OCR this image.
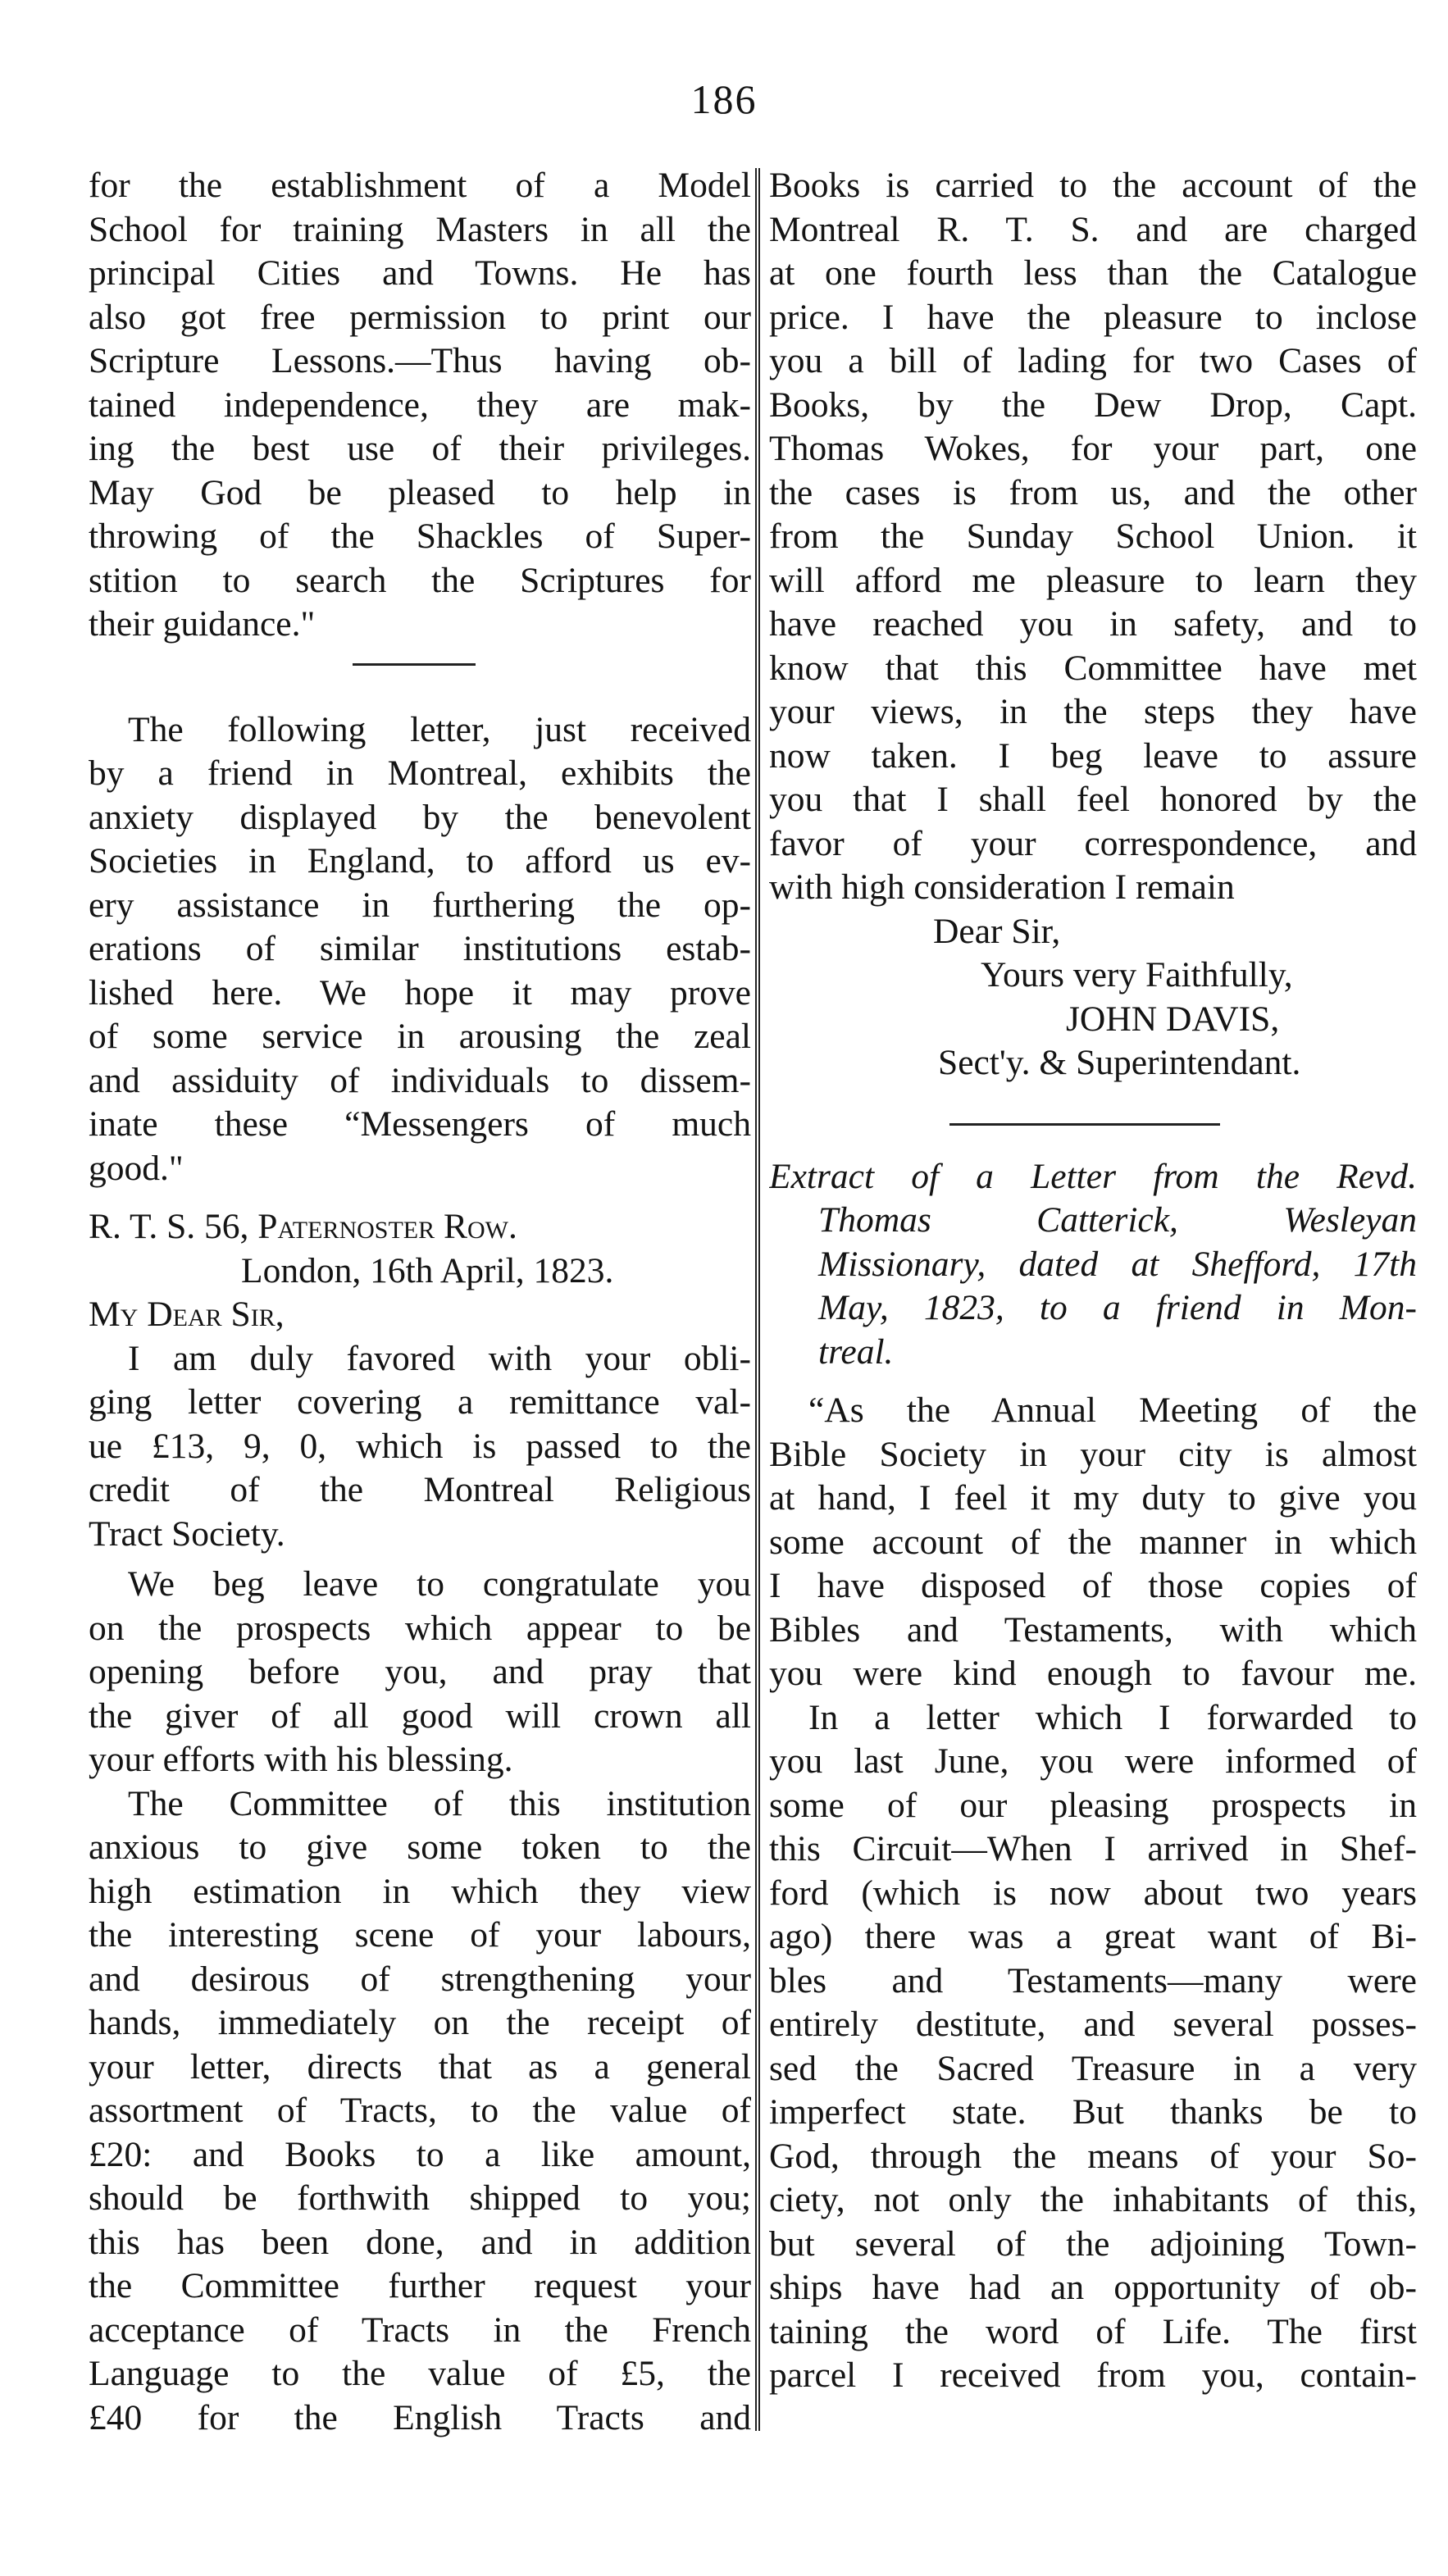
186
for the establishment of a Model
School for training Masters in all the
principal Cities and Towns. He has
also got free permission to print our
Scripture Lessons.—Thus having ob-
tained independence, they are mak-
ing the best use of their privileges.
May God be pleased to help in
throwing of the Shackles of Super-
stition to search the Scriptures for
their guidance."
The following letter, just received
by a friend in Montreal, exhibits the
anxiety displayed by the benevolent
Societies in England, to afford us ev-
ery assistance in furthering the op-
erations of similar institutions estab-
lished here. We hope it may prove
of some service in arousing the zeal
and assiduity of individuals to dissem-
inate these “Messengers of much
good."
R. T. S. 56, Paternoster Row.
London, 16th April, 1823.
My Dear Sir,
I am duly favored with your obli-
ging letter covering a remittance val-
ue £13, 9, 0, which is passed to the
credit of the Montreal Religious
Tract Society.
We beg leave to congratulate you
on the prospects which appear to be
opening before you, and pray that
the giver of all good will crown all
your efforts with his blessing.
The Committee of this institution
anxious to give some token to the
high estimation in which they view
the interesting scene of your labours,
and desirous of strengthening your
hands, immediately on the receipt of
your letter, directs that as a general
assortment of Tracts, to the value of
£20: and Books to a like amount,
should be forthwith shipped to you;
this has been done, and in addition
the Committee further request your
acceptance of Tracts in the French
Language to the value of £5, the
£40 for the English Tracts and
Books is carried to the account of the
Montreal R. T. S. and are charged
at one fourth less than the Catalogue
price. I have the pleasure to inclose
you a bill of lading for two Cases of
Books, by the Dew Drop, Capt.
Thomas Wokes, for your part, one
the cases is from us, and the other
from the Sunday School Union. it
will afford me pleasure to learn they
have reached you in safety, and to
know that this Committee have met
your views, in the steps they have
now taken. I beg leave to assure
you that I shall feel honored by the
favor of your correspondence, and
with high consideration I remain
Dear Sir,
Yours very Faithfully,
JOHN DAVIS,
Sect'y. & Superintendant.
Extract of a Letter from the Revd.
Thomas Catterick, Wesleyan
Missionary, dated at Shefford, 17th
May, 1823, to a friend in Mon-
treal.
“As the Annual Meeting of the
Bible Society in your city is almost
at hand, I feel it my duty to give you
some account of the manner in which
I have disposed of those copies of
Bibles and Testaments, with which
you were kind enough to favour me.
In a letter which I forwarded to
you last June, you were informed of
some of our pleasing prospects in
this Circuit—When I arrived in Shef-
ford (which is now about two years
ago) there was a great want of Bi-
bles and Testaments—many were
entirely destitute, and several posses-
sed the Sacred Treasure in a very
imperfect state. But thanks be to
God, through the means of your So-
ciety, not only the inhabitants of this,
but several of the adjoining Town-
ships have had an opportunity of ob-
taining the word of Life. The first
parcel I received from you, contain-
